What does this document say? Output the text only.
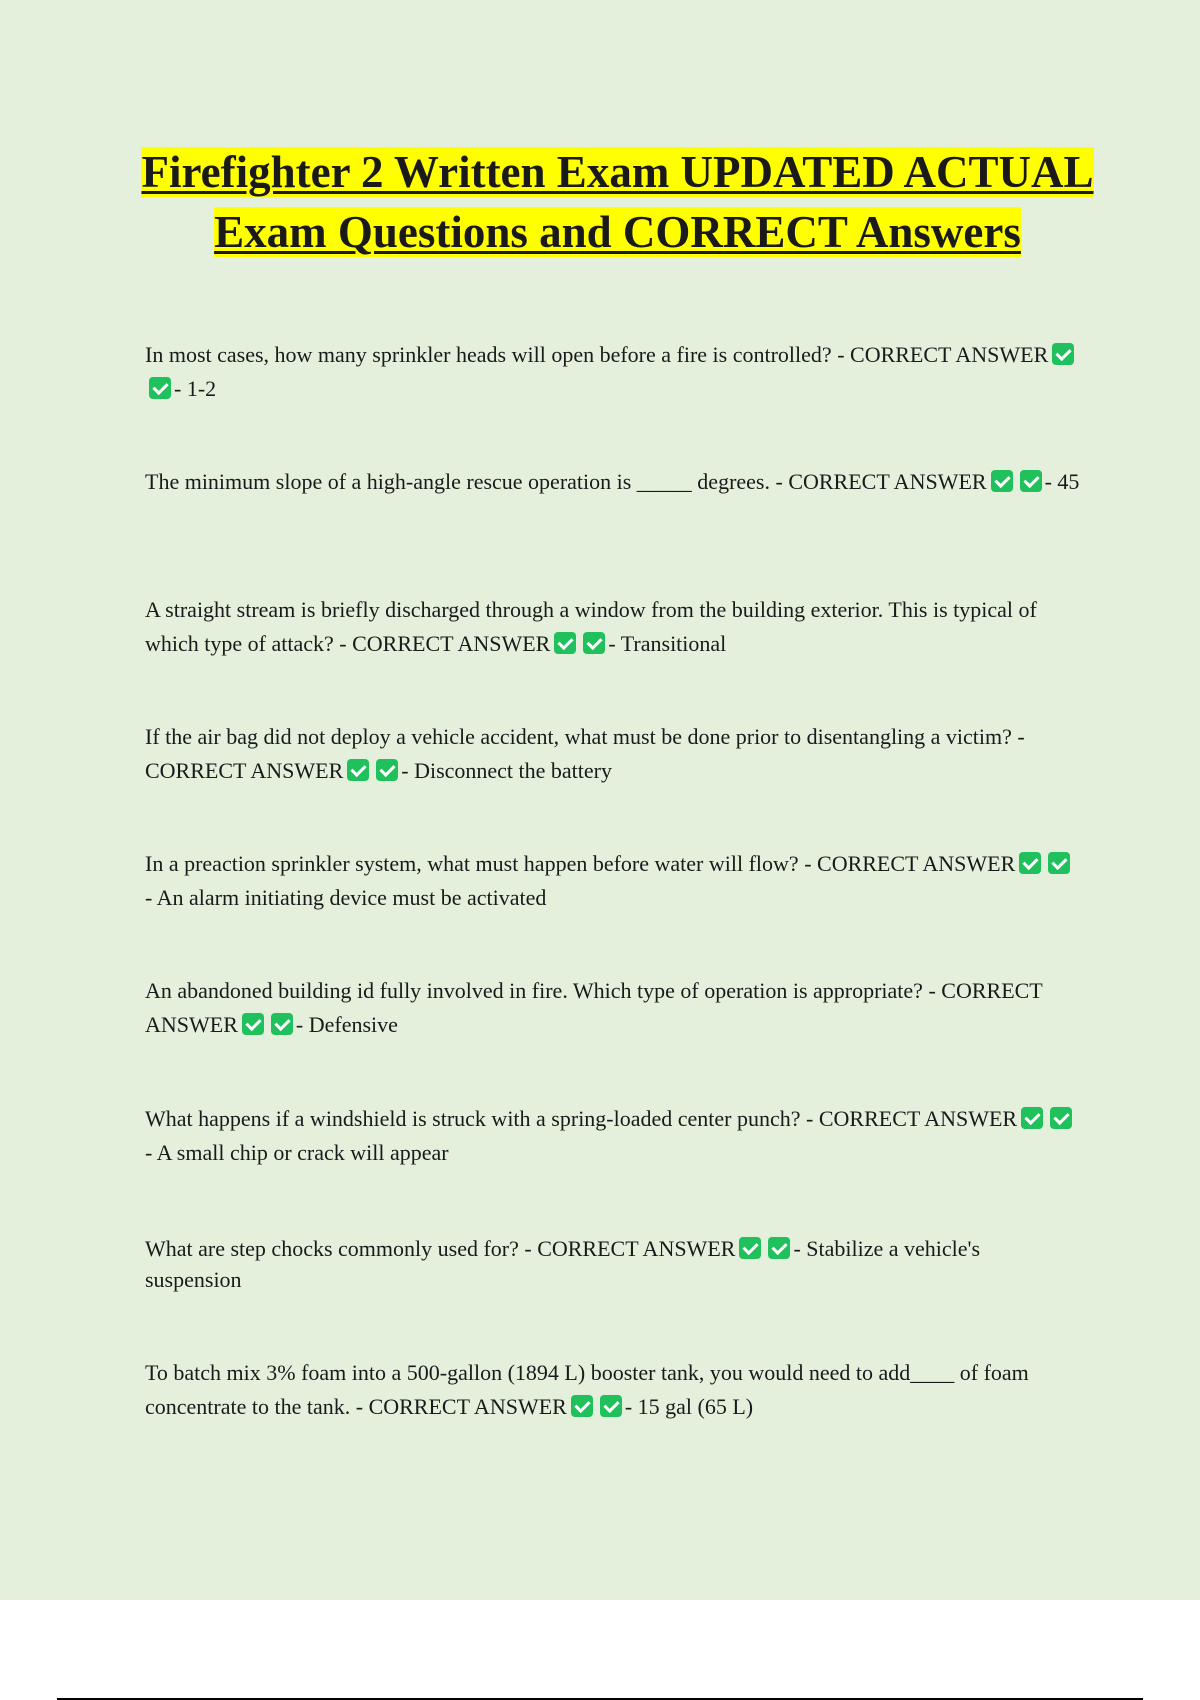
Firefighter 2 Written Exam UPDATED ACTUAL Exam Questions and CORRECT Answers

In most cases, how many sprinkler heads will open before a fire is controlled? - CORRECT ANSWER- 1-2

The minimum slope of a high-angle rescue operation is _____ degrees. - CORRECT ANSWER	- 45

A straight stream is briefly discharged through a window from the building exterior. This is typical of which type of attack? - CORRECT ANSWER	- Transitional

If the air bag did not deploy a vehicle accident, what must be done prior to disentangling a victim? - CORRECT ANSWER	- Disconnect the battery

In a preaction sprinkler system, what must happen before water will flow? - CORRECT ANSWER- An alarm initiating device must be activated

An abandoned building id fully involved in fire. Which type of operation is appropriate? - CORRECT ANSWER	- Defensive

What happens if a windshield is struck with a spring-loaded center punch? - CORRECT ANSWER- A small chip or crack will appear

What are step chocks commonly used for? - CORRECT ANSWER	- Stabilize a vehicle's suspension

To batch mix 3% foam into a 500-gallon (1894 L) booster tank, you would need to add____ of foam concentrate to the tank. - CORRECT ANSWER	- 15 gal (65 L)
